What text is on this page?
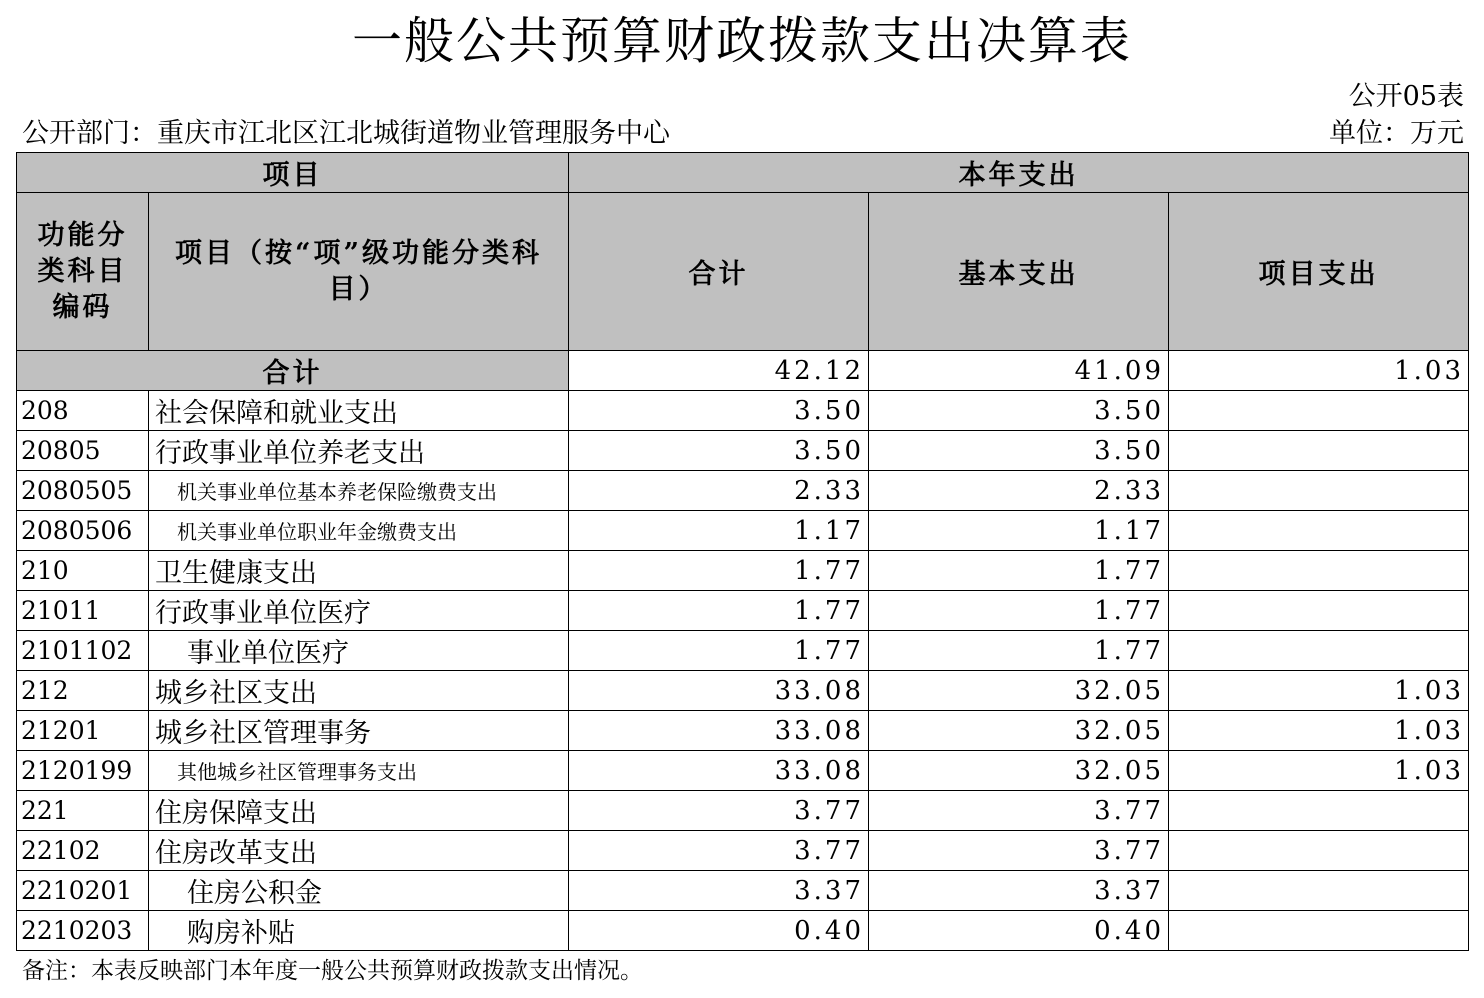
一般公共预算财政拨款支出决算表
公开05表
公开部门：重庆市江北区江北城街道物业管理服务中心	单位：万元
项目		本年支出		
功能分类科目编码	项目（按“项”级功能分类科目）	合计	基本支出	项目支出
合计		42.12	41.09	1.03
208	社会保障和就业支出	3.50	3.50	
20805	行政事业单位养老支出	3.50	3.50	
2080505	机关事业单位基本养老保险缴费支出	2.33	2.33	
2080506	机关事业单位职业年金缴费支出	1.17	1.17	
210	卫生健康支出	1.77	1.77	
21011	行政事业单位医疗	1.77	1.77	
2101102	事业单位医疗	1.77	1.77	
212	城乡社区支出	33.08	32.05	1.03
21201	城乡社区管理事务	33.08	32.05	1.03
2120199	其他城乡社区管理事务支出	33.08	32.05	1.03
221	住房保障支出	3.77	3.77	
22102	住房改革支出	3.77	3.77	
2210201	住房公积金	3.37	3.37	
2210203	购房补贴	0.40	0.40	
备注：本表反映部门本年度一般公共预算财政拨款支出情况。
